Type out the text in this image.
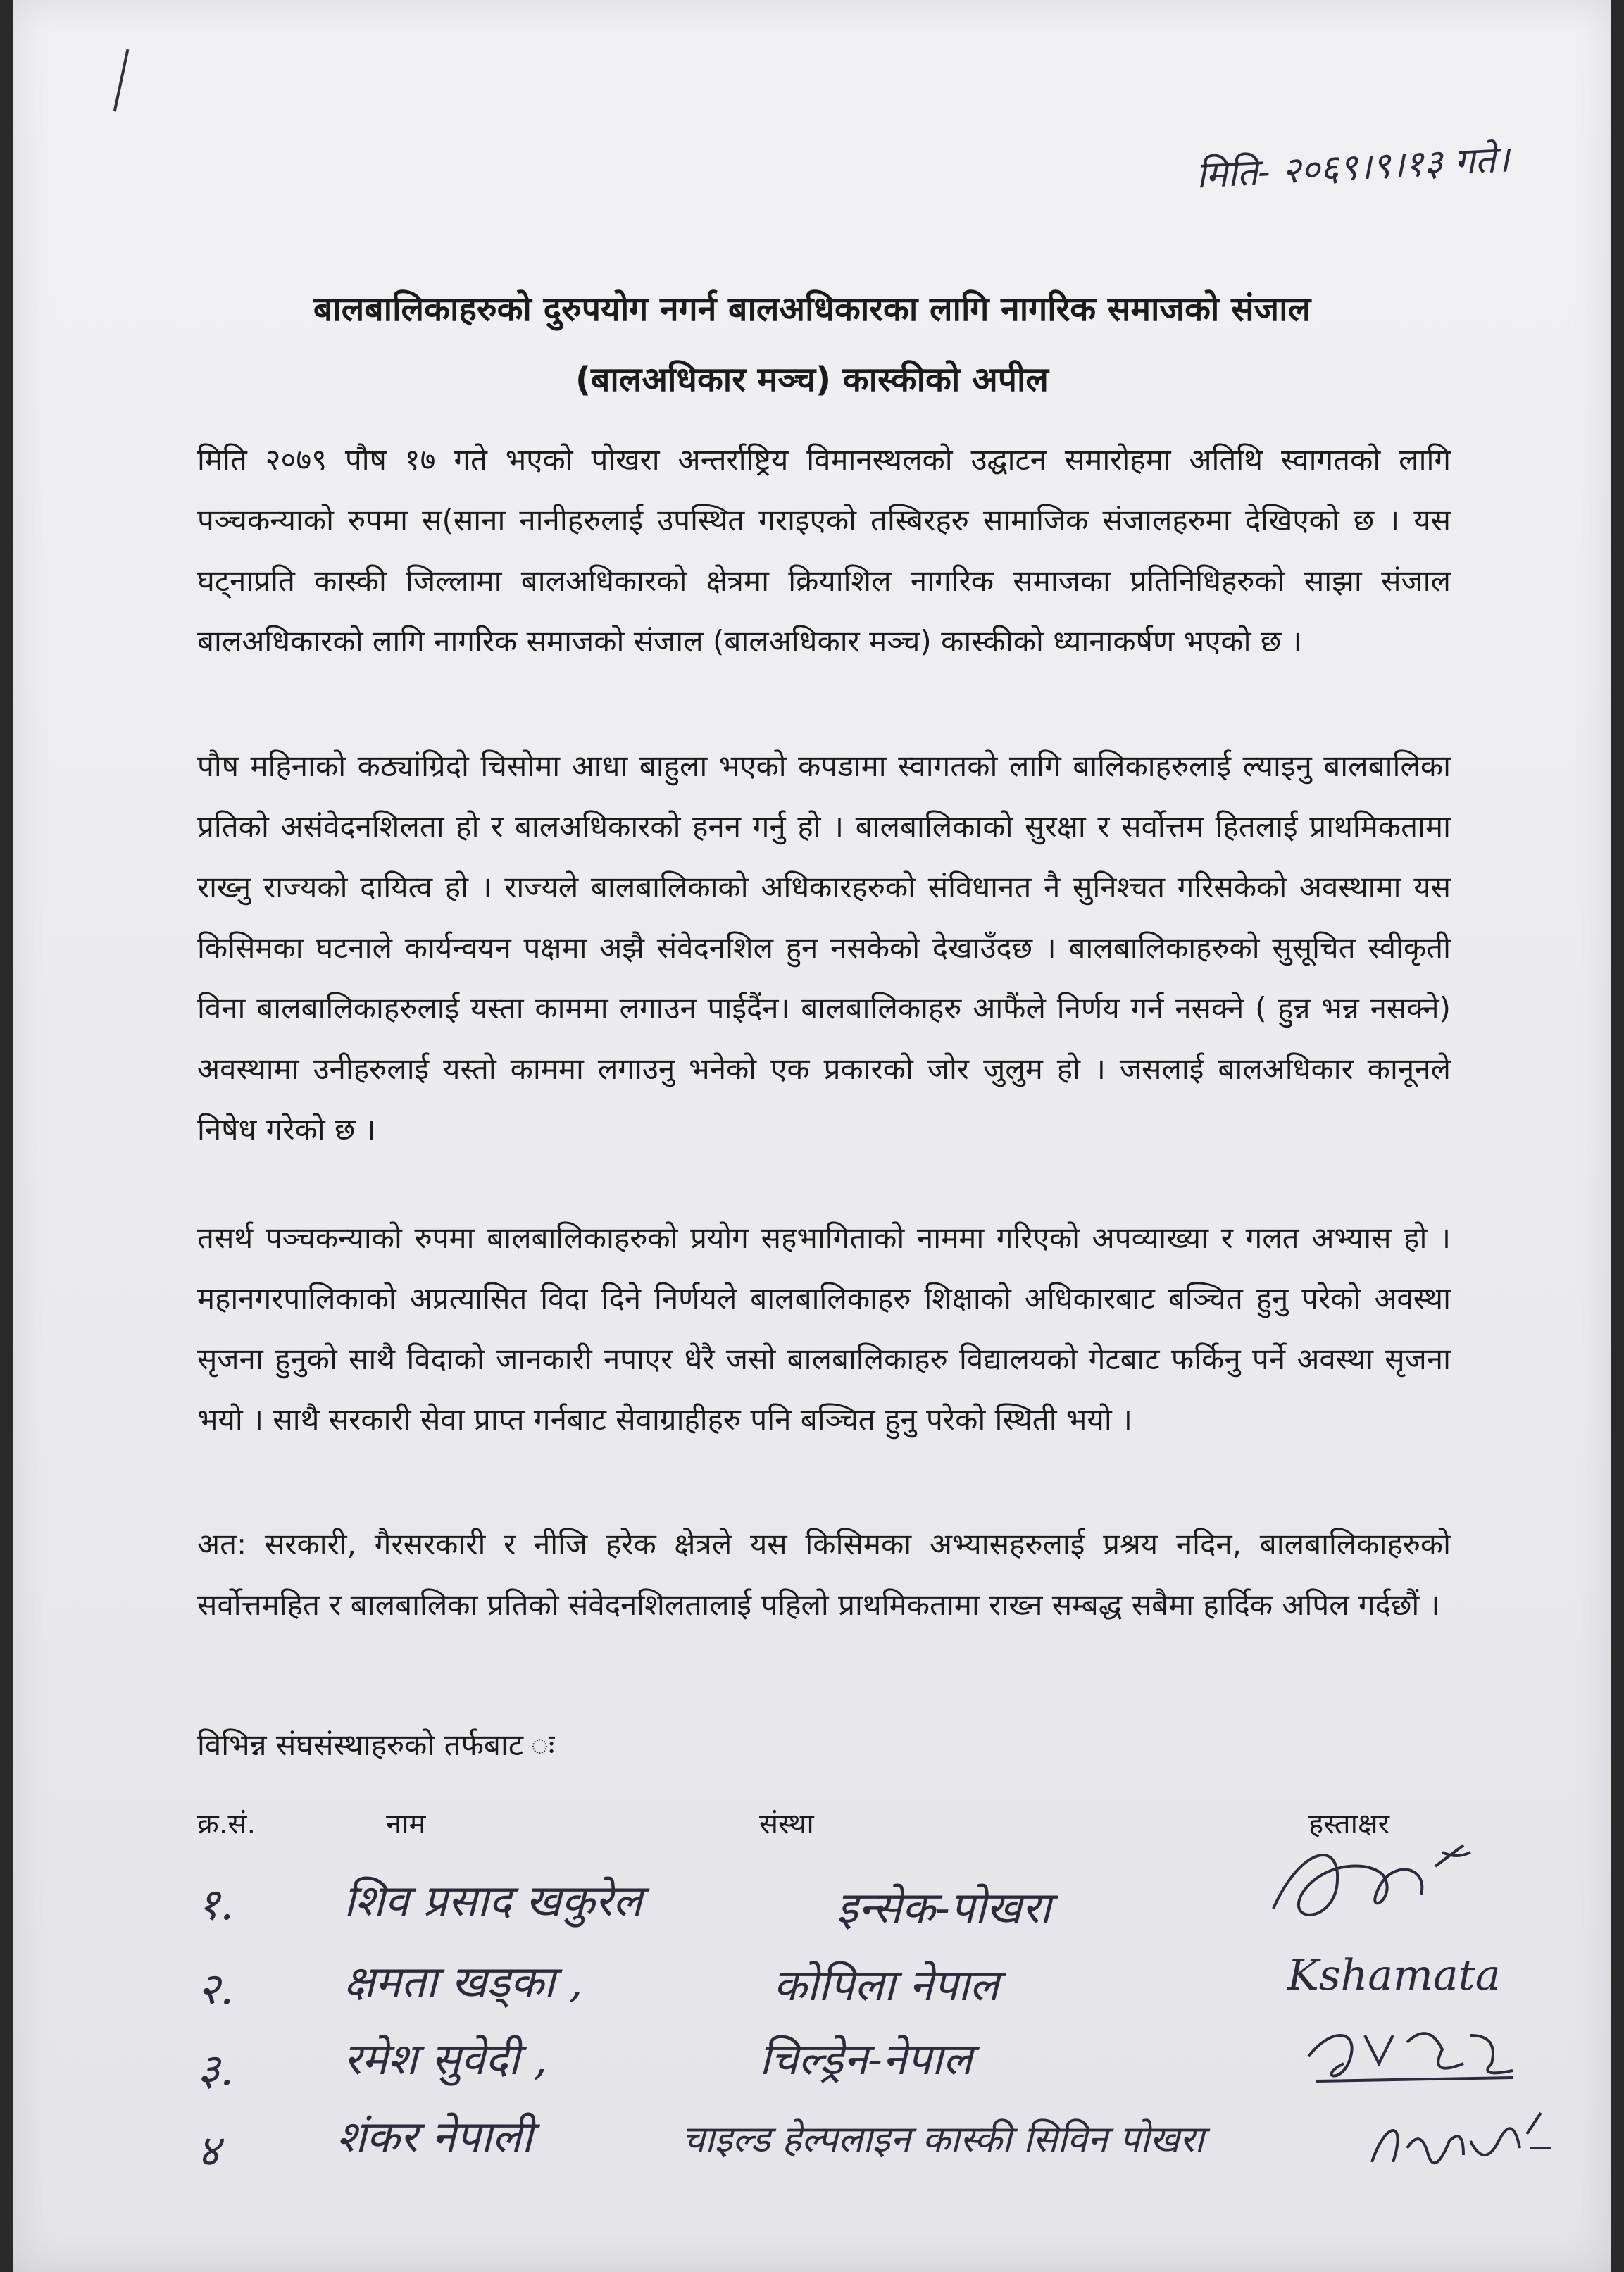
मिति- २०६९।९।१३ गते।
बालबालिकाहरुको दुरुपयोग नगर्न बालअधिकारका लागि नागरिक समाजको संजाल
(बालअधिकार मञ्च) कास्कीको अपील

मिति २०७९ पौष १७ गते भएको पोखरा अन्तर्राष्ट्रिय विमानस्थलको उद्घाटन समारोहमा अतिथि स्वागतको लागि पञ्चकन्याको रुपमा स(साना नानीहरुलाई उपस्थित गराइएको तस्बिरहरु सामाजिक संजालहरुमा देखिएको छ । यस घट्नाप्रति कास्की जिल्लामा बालअधिकारको क्षेत्रमा क्रियाशिल नागरिक समाजका प्रतिनिधिहरुको साझा संजाल बालअधिकारको लागि नागरिक समाजको संजाल (बालअधिकार मञ्च) कास्कीको ध्यानाकर्षण भएको छ ।

पौष महिनाको कठ्यांग्रिदो चिसोमा आधा बाहुला भएको कपडामा स्वागतको लागि बालिकाहरुलाई ल्याइनु बालबालिका प्रतिको असंवेदनशिलता हो र बालअधिकारको हनन गर्नु हो । बालबालिकाको सुरक्षा र सर्वोत्तम हितलाई प्राथमिकतामा राख्नु राज्यको दायित्व हो । राज्यले बालबालिकाको अधिकारहरुको संविधानत नै सुनिश्चत गरिसकेको अवस्थामा यस किसिमका घटनाले कार्यन्वयन पक्षमा अझै संवेदनशिल हुन नसकेको देखाउँदछ । बालबालिकाहरुको सुसूचित स्वीकृती विना बालबालिकाहरुलाई यस्ता काममा लगाउन पाईदैंन। बालबालिकाहरु आफैंले निर्णय गर्न नसक्ने ( हुन्न भन्न नसक्ने) अवस्थामा उनीहरुलाई यस्तो काममा लगाउनु भनेको एक प्रकारको जोर जुलुम हो । जसलाई बालअधिकार कानूनले निषेध गरेको छ ।

तसर्थ पञ्चकन्याको रुपमा बालबालिकाहरुको प्रयोग सहभागिताको नाममा गरिएको अपव्याख्या र गलत अभ्यास हो । महानगरपालिकाको अप्रत्यासित विदा दिने निर्णयले बालबालिकाहरु शिक्षाको अधिकारबाट बञ्चित हुनु परेको अवस्था सृजना हुनुको साथै विदाको जानकारी नपाएर धेरै जसो बालबालिकाहरु विद्यालयको गेटबाट फर्किनु पर्ने अवस्था सृजना भयो । साथै सरकारी सेवा प्राप्त गर्नबाट सेवाग्राहीहरु पनि बञ्चित हुनु परेको स्थिती भयो ।

अत: सरकारी, गैरसरकारी र नीजि हरेक क्षेत्रले यस किसिमका अभ्यासहरुलाई प्रश्रय नदिन, बालबालिकाहरुको सर्वोत्तमहित र बालबालिका प्रतिको संवेदनशिलतालाई पहिलो प्राथमिकतामा राख्न सम्बद्ध सबैमा हार्दिक अपिल गर्दछौं ।

विभिन्न संघसंस्थाहरुको तर्फबाट ः
क्र.सं.	नाम	संस्था	हस्ताक्षर
१.	शिव प्रसाद खकुरेल	इन्सेक-पोखरा
२.	क्षमता खड्का ,	कोपिला नेपाल	Kshamata
३.	रमेश सुवेदी ,	चिल्ड्रेन-नेपाल
४	शंकर नेपाली	चाइल्ड हेल्पलाइन कास्की सिविन पोखरा
